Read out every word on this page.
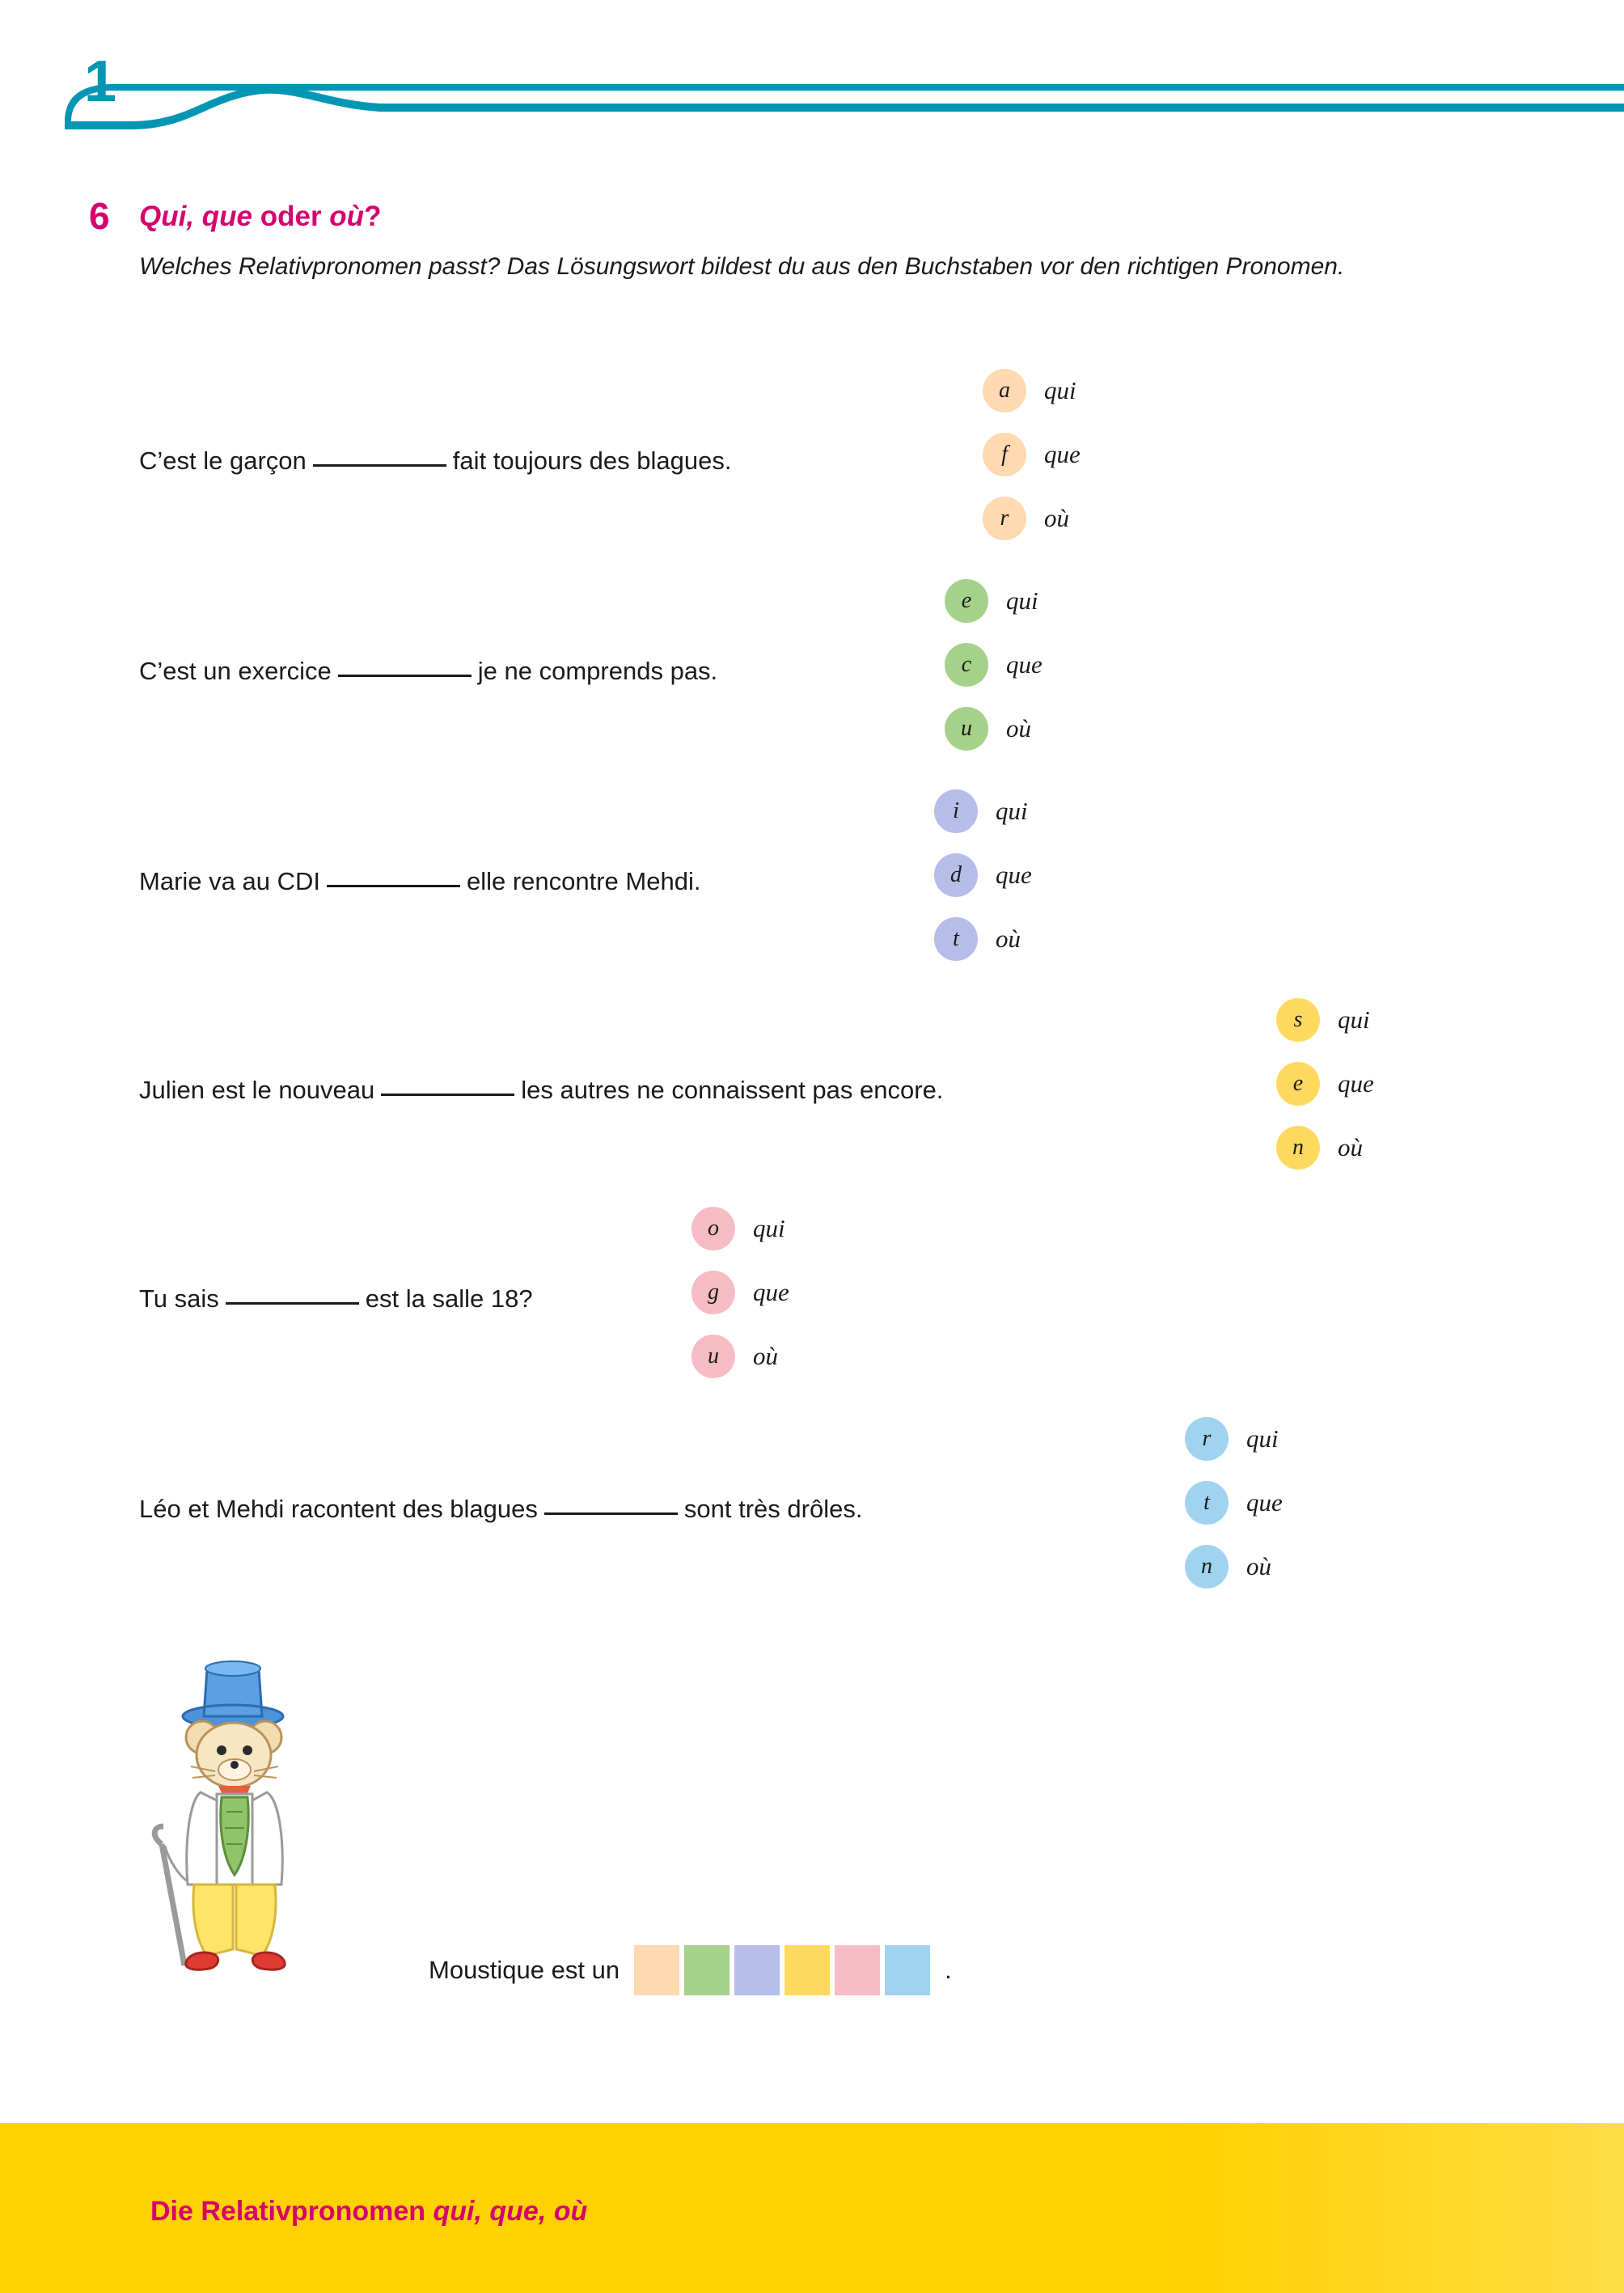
1
6 Qui, que oder où?
Welches Relativpronomen passt? Das Lösungswort bildest du aus den Buchstaben vor den richtigen Pronomen.
C’est le garçon	fait toujours des blagues.
a	qui
f	que
r	où
C’est un exercice	je ne comprends pas.
e	qui
c	que
u	où
Marie va au CDI	elle rencontre Mehdi.
i	qui
d	que
t	où
Julien est le nouveau	les autres ne connaissent pas encore.
s	qui
e	que
n	où
Tu sais	est la salle 18?
o	qui
g	que
u	où
Léo et Mehdi racontent des blagues	sont très drôles.
r	qui
t	que
n	où
Moustique est un	.
Die Relativpronomen qui, que, où
